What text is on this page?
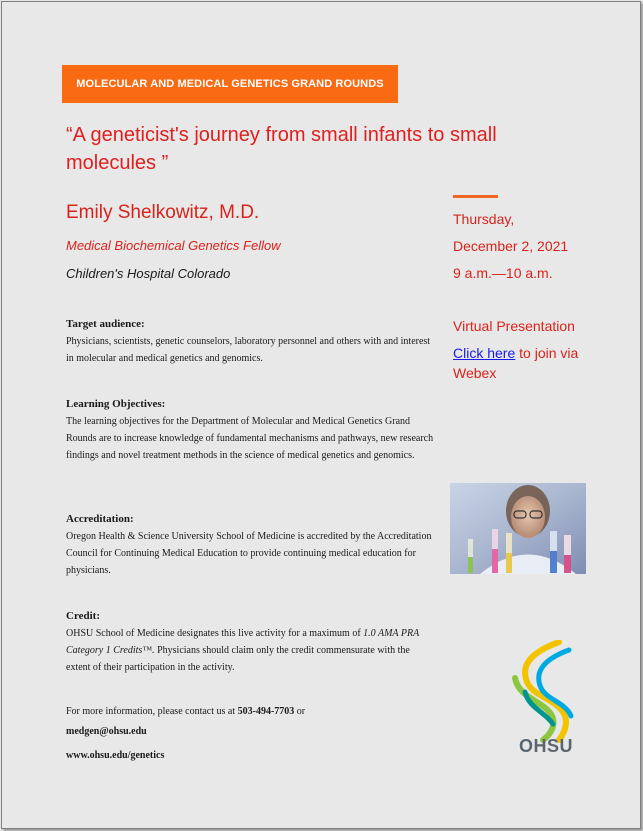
MOLECULAR AND MEDICAL GENETICS GRAND ROUNDS
“A geneticist's journey from small infants to small molecules ”
Emily Shelkowitz, M.D.
Medical Biochemical Genetics Fellow
Children's Hospital Colorado
Thursday,
December 2, 2021
9 a.m.—10 a.m.
Virtual Presentation
Click here to join via Webex
Target audience:

Physicians, scientists, genetic counselors, laboratory personnel and others with and interest in molecular and medical genetics and genomics.

Learning Objectives:

The learning objectives for the Department of Molecular and Medical Genetics Grand Rounds are to increase knowledge of fundamental mechanisms and pathways, new research findings and novel treatment methods in the science of medical genetics and genomics.

Accreditation:

Oregon Health & Science University School of Medicine is accredited by the Accreditation Council for Continuing Medical Education to provide continuing medical education for physicians.

Credit:

OHSU School of Medicine designates this live activity for a maximum of 1.0 AMA PRA Category 1 Credits™. Physicians should claim only the credit commensurate with the extent of their participation in the activity.

For more information, please contact us at 503-494-7703 or
medgen@ohsu.edu
www.ohsu.edu/genetics	OHSU
